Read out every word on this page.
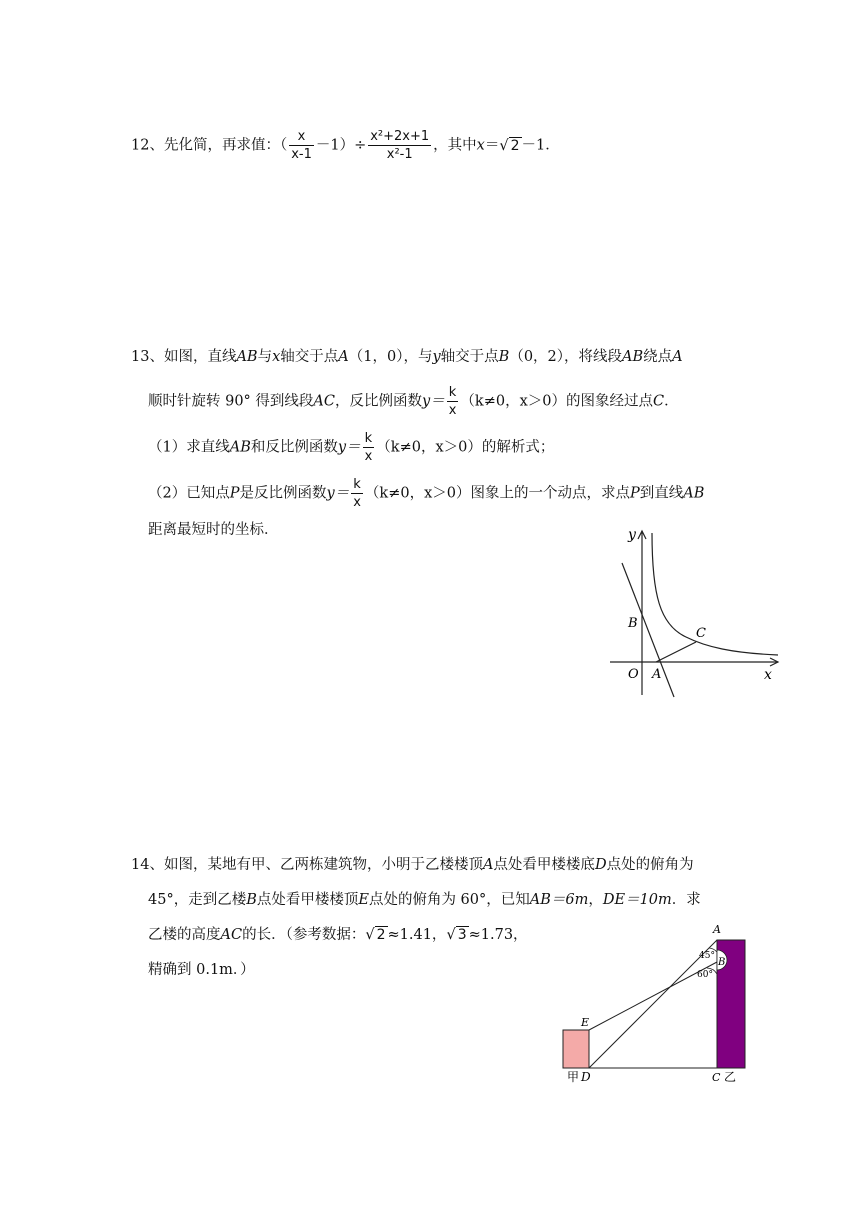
12、先化简，再求值：（ $\frac{x}{x-1} -1)\div \frac{\text{x²+2x+1}}{\text{x²-1}}$ ，其中x＝√ 2 －1．
13、如图，直线AB与x轴交于点A（1，0），与y轴交于点B（0，2），将线段AB绕点A
顺时针旋转 90° 得到线段AC，反比例函数$y= \frac{k}{x} (k\ne 0$，x＞0）的图象经过点C．
（1）求直线AB和反比例函数$y= \frac{k}{x} (k\ne 0$，x＞0）的解析式；
（2）已知点P是反比例函数$y= \frac{k}{x} (k\ne 0$，x＞0）图象上的一个动点，求点P到直线AB
距离最短时的坐标．	y
x
O A
B
C
14、如图，某地有甲、乙两栋建筑物，小明于乙楼楼顶A点处看甲楼楼底D点处的俯角为
45°，走到乙楼B点处看甲楼楼顶E点处的俯角为 60°，已知AB＝6m，DE＝10m．求
乙楼的高度AC的长．（参考数据：√ 2 ≈1.41，√ 3 ≈1.73，
精确到 0.1m．）
A
B
45°
60°
E
甲 D	C 乙
